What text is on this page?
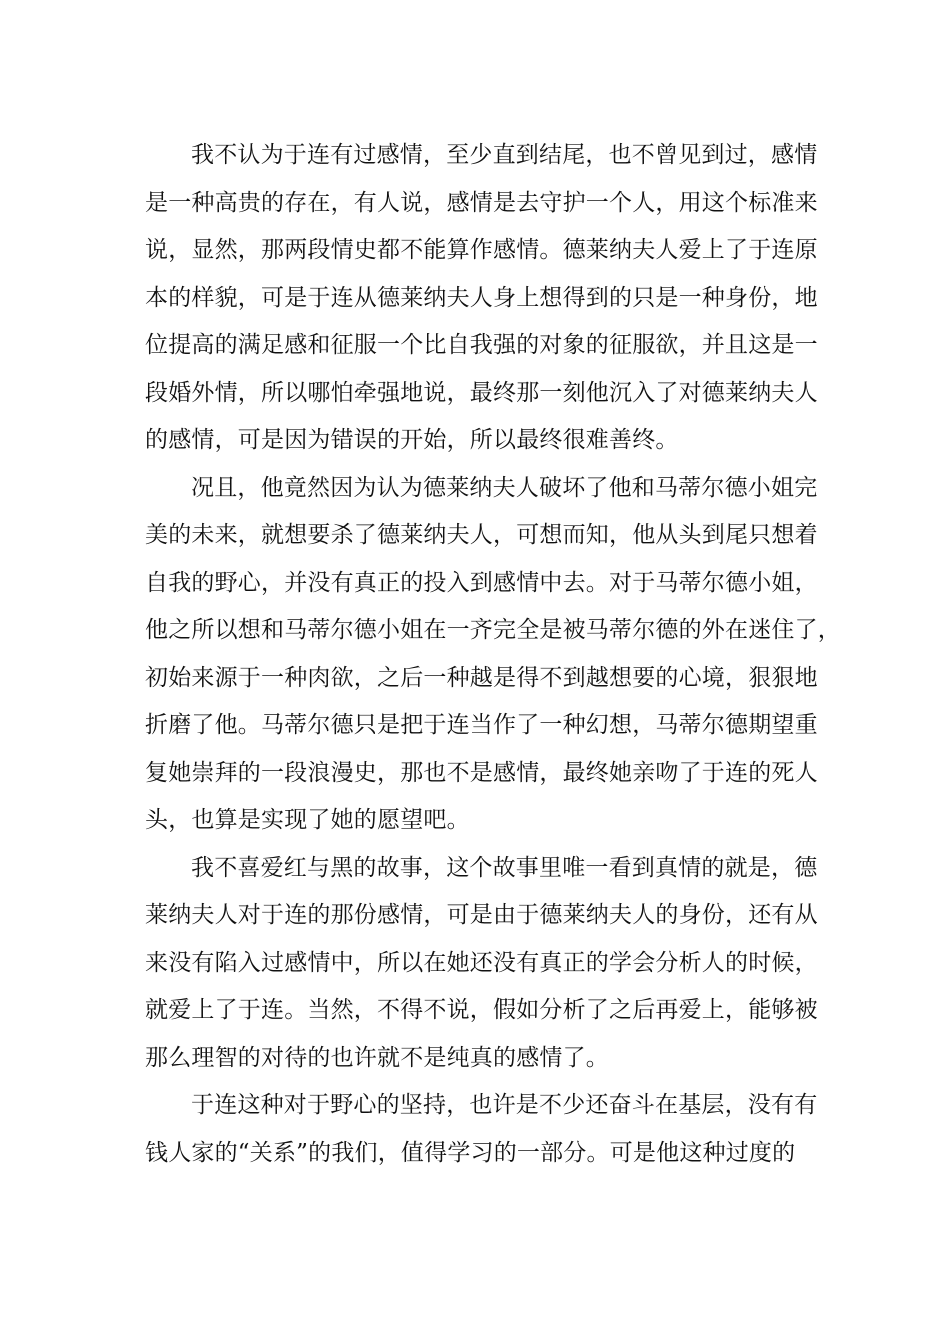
我不认为于连有过感情，至少直到结尾，也不曾见到过，感情
是一种高贵的存在，有人说，感情是去守护一个人，用这个标准来
说，显然，那两段情史都不能算作感情。德莱纳夫人爱上了于连原
本的样貌，可是于连从德莱纳夫人身上想得到的只是一种身份，地
位提高的满足感和征服一个比自我强的对象的征服欲，并且这是一
段婚外情，所以哪怕牵强地说，最终那一刻他沉入了对德莱纳夫人
的感情，可是因为错误的开始，所以最终很难善终。
况且，他竟然因为认为德莱纳夫人破坏了他和马蒂尔德小姐完
美的未来，就想要杀了德莱纳夫人，可想而知，他从头到尾只想着
自我的野心，并没有真正的投入到感情中去。对于马蒂尔德小姐，
他之所以想和马蒂尔德小姐在一齐完全是被马蒂尔德的外在迷住了，
初始来源于一种肉欲，之后一种越是得不到越想要的心境，狠狠地
折磨了他。马蒂尔德只是把于连当作了一种幻想，马蒂尔德期望重
复她崇拜的一段浪漫史，那也不是感情，最终她亲吻了于连的死人
头，也算是实现了她的愿望吧。
我不喜爱红与黑的故事，这个故事里唯一看到真情的就是，德
莱纳夫人对于连的那份感情，可是由于德莱纳夫人的身份，还有从
来没有陷入过感情中，所以在她还没有真正的学会分析人的时候，
就爱上了于连。当然，不得不说，假如分析了之后再爱上，能够被
那么理智的对待的也许就不是纯真的感情了。
于连这种对于野心的坚持，也许是不少还奋斗在基层，没有有
钱人家的“关系”的我们，值得学习的一部分。可是他这种过度的
